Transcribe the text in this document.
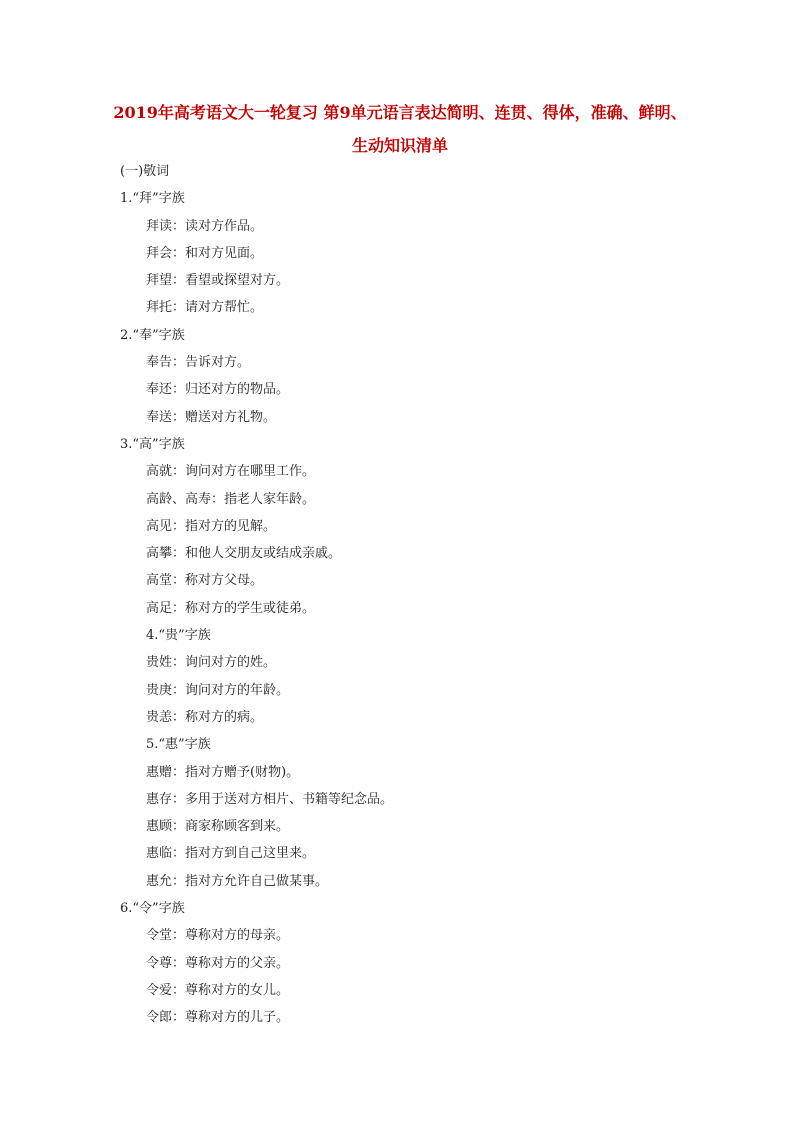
2019年高考语文大一轮复习 第9单元语言表达简明、连贯、得体，准确、鲜明、生动知识清单
(一)敬词
1.“拜”字族
拜读：读对方作品。
拜会：和对方见面。
拜望：看望或探望对方。
拜托：请对方帮忙。
2.“奉”字族
奉告：告诉对方。
奉还：归还对方的物品。
奉送：赠送对方礼物。
3.“高”字族
高就：询问对方在哪里工作。
高龄、高寿：指老人家年龄。
高见：指对方的见解。
高攀：和他人交朋友或结成亲戚。
高堂：称对方父母。
高足：称对方的学生或徒弟。
4.“贵”字族
贵姓：询问对方的姓。
贵庚：询问对方的年龄。
贵恙：称对方的病。
5.“惠”字族
惠赠：指对方赠予(财物)。
惠存：多用于送对方相片、书籍等纪念品。
惠顾：商家称顾客到来。
惠临：指对方到自己这里来。
惠允：指对方允许自己做某事。
6.“令”字族
令堂：尊称对方的母亲。
令尊：尊称对方的父亲。
令爱：尊称对方的女儿。
令郎：尊称对方的儿子。
